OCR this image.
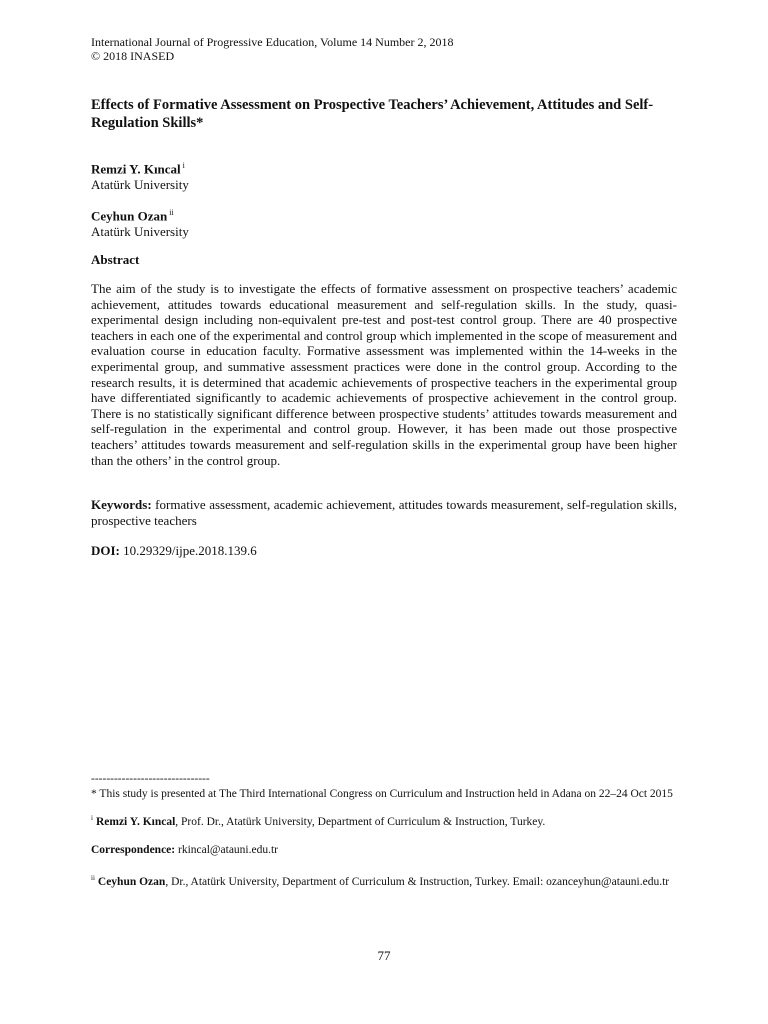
International Journal of Progressive Education, Volume 14 Number 2, 2018

© 2018 INASED

Effects of Formative Assessment on Prospective Teachers’ Achievement, Attitudes and Self-Regulation Skills*

Remzi Y. Kıncal $^i$

Atatürk University

Ceyhun Ozan $^{ii}$

Atatürk University

Abstract

The aim of the study is to investigate the effects of formative assessment on prospective teachers’ academic achievement, attitudes towards educational measurement and self-regulation skills. In the study, quasi-experimental design including non-equivalent pre-test and post-test control group. There are 40 prospective teachers in each one of the experimental and control group which implemented in the scope of measurement and evaluation course in education faculty. Formative assessment was implemented within the 14-weeks in the experimental group, and summative assessment practices were done in the control group. According to the research results, it is determined that academic achievements of prospective teachers in the experimental group have differentiated significantly to academic achievements of prospective achievement in the control group. There is no statistically significant difference between prospective students’ attitudes towards measurement and self-regulation in the experimental and control group. However, it has been made out those prospective teachers’ attitudes towards measurement and self-regulation skills in the experimental group have been higher than the others’ in the control group.

Keywords: formative assessment, academic achievement, attitudes towards measurement, self-regulation skills, prospective teachers

DOI: 10.29329/ijpe.2018.139.6

-------------------------------

* This study is presented at The Third International Congress on Curriculum and Instruction held in Adana on 22–24 Oct 2015

$^i$ Remzi Y. Kıncal, Prof. Dr., Atatürk University, Department of Curriculum & Instruction, Turkey.

Correspondence: rkincal@atauni.edu.tr

$^{ii}$ Ceyhun Ozan, Dr., Atatürk University, Department of Curriculum & Instruction, Turkey. Email: ozanceyhun@atauni.edu.tr

77
